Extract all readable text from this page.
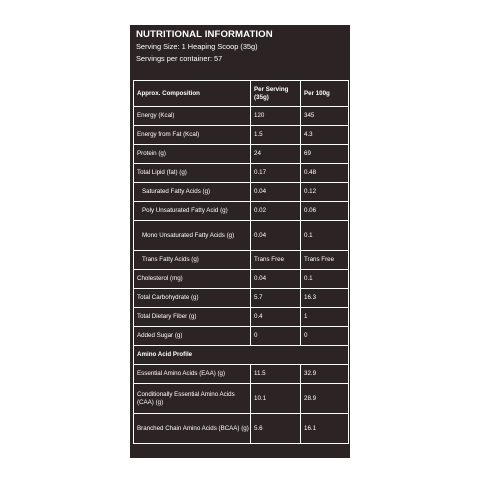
NUTRITIONAL INFORMATION
Serving Size: 1 Heaping Scoop (35g)
Servings per container: 57
Approx. Composition	Per Serving (35g)	Per 100g
Energy (Kcal)	120	345
Energy from Fat (Kcal)	1.5	4.3
Protein (g)	24	69
Total Lipid (fat) (g)	0.17	0.48
Saturated Fatty Acids (g)	0.04	0.12
Poly Unsaturated Fatty Acid (g)	0.02	0.06
Mono Unsaturated Fatty Acids (g)	0.04	0.1
Trans Fatty Acids (g)	Trans Free	Trans Free
Cholesterol (mg)	0.04	0.1
Total Carbohydrate (g)	5.7	16.3
Total Dietary Fiber (g)	0.4	1
Added Sugar (g)	0	0
Amino Acid Profile		
Essential Amino Acids (EAA) (g)	11.5	32.9
Conditionally Essential Amino Acids (CAA) (g)	10.1	28.9
Branched Chain Amino Acids (BCAA) (g)	5.6	16.1
